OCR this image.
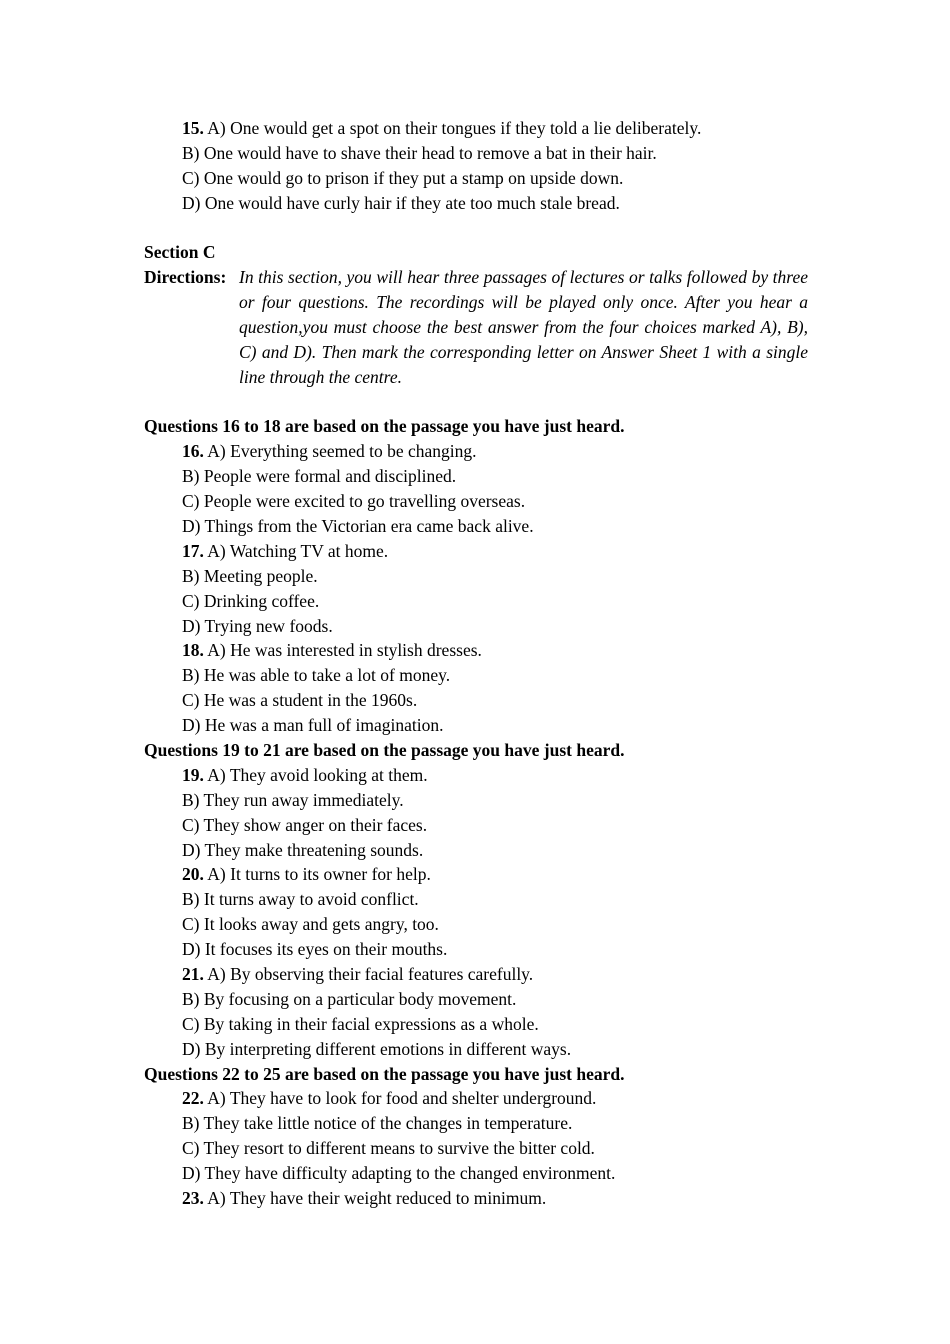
15. A) One would get a spot on their tongues if they told a lie deliberately.
B) One would have to shave their head to remove a bat in their hair.
C) One would go to prison if they put a stamp on upside down.
D) One would have curly hair if they ate too much stale bread.
Section C
Directions: In this section, you will hear three passages of lectures or talks followed by three or four questions. The recordings will be played only once. After you hear a question,you must choose the best answer from the four choices marked A), B), C) and D). Then mark the corresponding letter on Answer Sheet 1 with a single line through the centre.
Questions 16 to 18 are based on the passage you have just heard.
16. A) Everything seemed to be changing.
B) People were formal and disciplined.
C) People were excited to go travelling overseas.
D) Things from the Victorian era came back alive.
17. A) Watching TV at home.
B) Meeting people.
C) Drinking coffee.
D) Trying new foods.
18. A) He was interested in stylish dresses.
B) He was able to take a lot of money.
C) He was a student in the 1960s.
D) He was a man full of imagination.
Questions 19 to 21 are based on the passage you have just heard.
19. A) They avoid looking at them.
B) They run away immediately.
C) They show anger on their faces.
D) They make threatening sounds.
20. A) It turns to its owner for help.
B) It turns away to avoid conflict.
C) It looks away and gets angry, too.
D) It focuses its eyes on their mouths.
21. A) By observing their facial features carefully.
B) By focusing on a particular body movement.
C) By taking in their facial expressions as a whole.
D) By interpreting different emotions in different ways.
Questions 22 to 25 are based on the passage you have just heard.
22. A) They have to look for food and shelter underground.
B) They take little notice of the changes in temperature.
C) They resort to different means to survive the bitter cold.
D) They have difficulty adapting to the changed environment.
23. A) They have their weight reduced to minimum.
